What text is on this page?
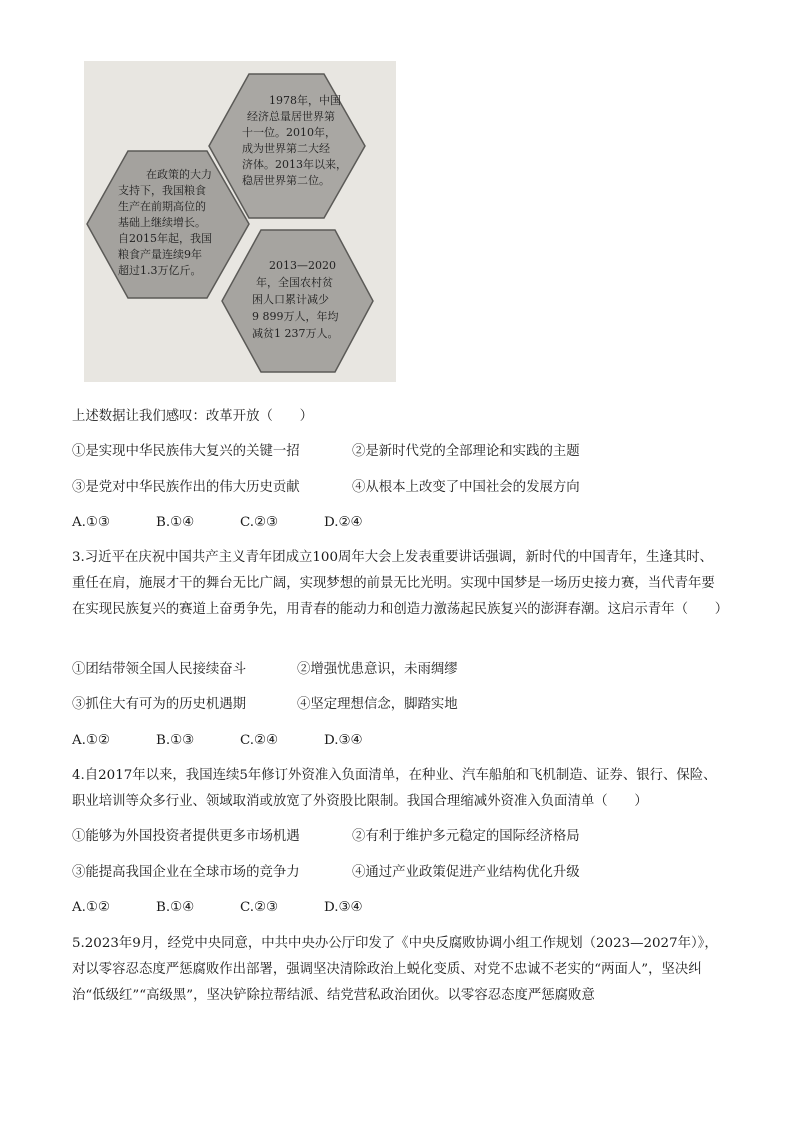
1978年，中国
经济总量居世界第
十一位。2010年，
成为世界第二大经
济体。2013年以来，
稳居世界第二位。
在政策的大力
支持下，我国粮食
生产在前期高位的
基础上继续增长。
自2015年起，我国
粮食产量连续9年
超过1.3万亿斤。	2013—2020
年，全国农村贫
困人口累计减少
9 899万人，年均
减贫1 237万人。
上述数据让我们感叹：改革开放（　　）
①是实现中华民族伟大复兴的关键一招	②是新时代党的全部理论和实践的主题
③是党对中华民族作出的伟大历史贡献	④从根本上改变了中国社会的发展方向
A.①③	B.①④	C.②③	D.②④
3.习近平在庆祝中国共产主义青年团成立100周年大会上发表重要讲话强调，新时代的中国青年，生逢其时、重任在肩，施展才干的舞台无比广阔，实现梦想的前景无比光明。实现中国梦是一场历史接力赛，当代青年要在实现民族复兴的赛道上奋勇争先，用青春的能动力和创造力激荡起民族复兴的澎湃春潮。这启示青年（　　）
①团结带领全国人民接续奋斗	②增强忧患意识，未雨绸缪
③抓住大有可为的历史机遇期	④坚定理想信念，脚踏实地
A.①②	B.①③	C.②④	D.③④
4.自2017年以来，我国连续5年修订外资准入负面清单，在种业、汽车船舶和飞机制造、证券、银行、保险、职业培训等众多行业、领域取消或放宽了外资股比限制。我国合理缩减外资准入负面清单（　　）
①能够为外国投资者提供更多市场机遇	②有利于维护多元稳定的国际经济格局
③能提高我国企业在全球市场的竞争力	④通过产业政策促进产业结构优化升级
A.①②	B.①④	C.②③	D.③④
5.2023年9月，经党中央同意，中共中央办公厅印发了《中央反腐败协调小组工作规划（2023—2027年）》，对以零容忍态度严惩腐败作出部署，强调坚决清除政治上蜕化变质、对党不忠诚不老实的“两面人”，坚决纠治“低级红”“高级黑”，坚决铲除拉帮结派、结党营私政治团伙。以零容忍态度严惩腐败意
